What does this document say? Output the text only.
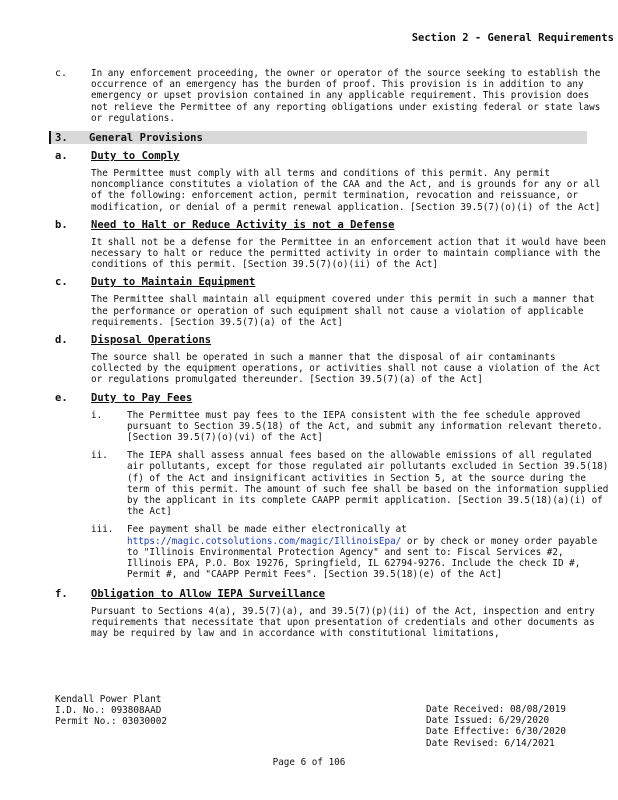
Section 2 - General Requirements
c.	In any enforcement proceeding, the owner or operator of the source seeking to establish the occurrence of an emergency has the burden of proof. This provision is in addition to any emergency or upset provision contained in any applicable requirement. This provision does not relieve the Permittee of any reporting obligations under existing federal or state laws or regulations.

3.	General Provisions
a.	Duty to Comply

The Permittee must comply with all terms and conditions of this permit. Any permit noncompliance constitutes a violation of the CAA and the Act, and is grounds for any or all of the following: enforcement action, permit termination, revocation and reissuance, or modification, or denial of a permit renewal application. [Section 39.5(7)(o)(i) of the Act]

b.	Need to Halt or Reduce Activity is not a Defense

It shall not be a defense for the Permittee in an enforcement action that it would have been necessary to halt or reduce the permitted activity in order to maintain compliance with the conditions of this permit. [Section 39.5(7)(o)(ii) of the Act]

c.	Duty to Maintain Equipment

The Permittee shall maintain all equipment covered under this permit in such a manner that the performance or operation of such equipment shall not cause a violation of applicable requirements. [Section 39.5(7)(a) of the Act]

d.	Disposal Operations

The source shall be operated in such a manner that the disposal of air contaminants collected by the equipment operations, or activities shall not cause a violation of the Act or regulations promulgated thereunder. [Section 39.5(7)(a) of the Act]

e.	Duty to Pay Fees
i.	The Permittee must pay fees to the IEPA consistent with the fee schedule approved pursuant to Section 39.5(18) of the Act, and submit any information relevant thereto. [Section 39.5(7)(o)(vi) of the Act]

ii.	The IEPA shall assess annual fees based on the allowable emissions of all regulated air pollutants, except for those regulated air pollutants excluded in Section 39.5(18)(f) of the Act and insignificant activities in Section 5, at the source during the term of this permit. The amount of such fee shall be based on the information supplied by the applicant in its complete CAAPP permit application. [Section 39.5(18)(a)(i) of the Act]

iii.	Fee payment shall be made either electronically at https://magic.cotsolutions.com/magic/IllinoisEpa/ or by check or money order payable to "Illinois Environmental Protection Agency" and sent to: Fiscal Services #2, Illinois EPA, P.O. Box 19276, Springfield, IL 62794-9276. Include the check ID #, Permit #, and "CAAPP Permit Fees". [Section 39.5(18)(e) of the Act]

f.	Obligation to Allow IEPA Surveillance

Pursuant to Sections 4(a), 39.5(7)(a), and 39.5(7)(p)(ii) of the Act, inspection and entry requirements that necessitate that upon presentation of credentials and other documents as may be required by law and in accordance with constitutional limitations,

Kendall Power Plant
I.D. No.: 093808AAD
Permit No.: 03030002
Date Received: 08/08/2019
Date Issued: 6/29/2020
Date Effective: 6/30/2020
Date Revised: 6/14/2021
Page 6 of 106
